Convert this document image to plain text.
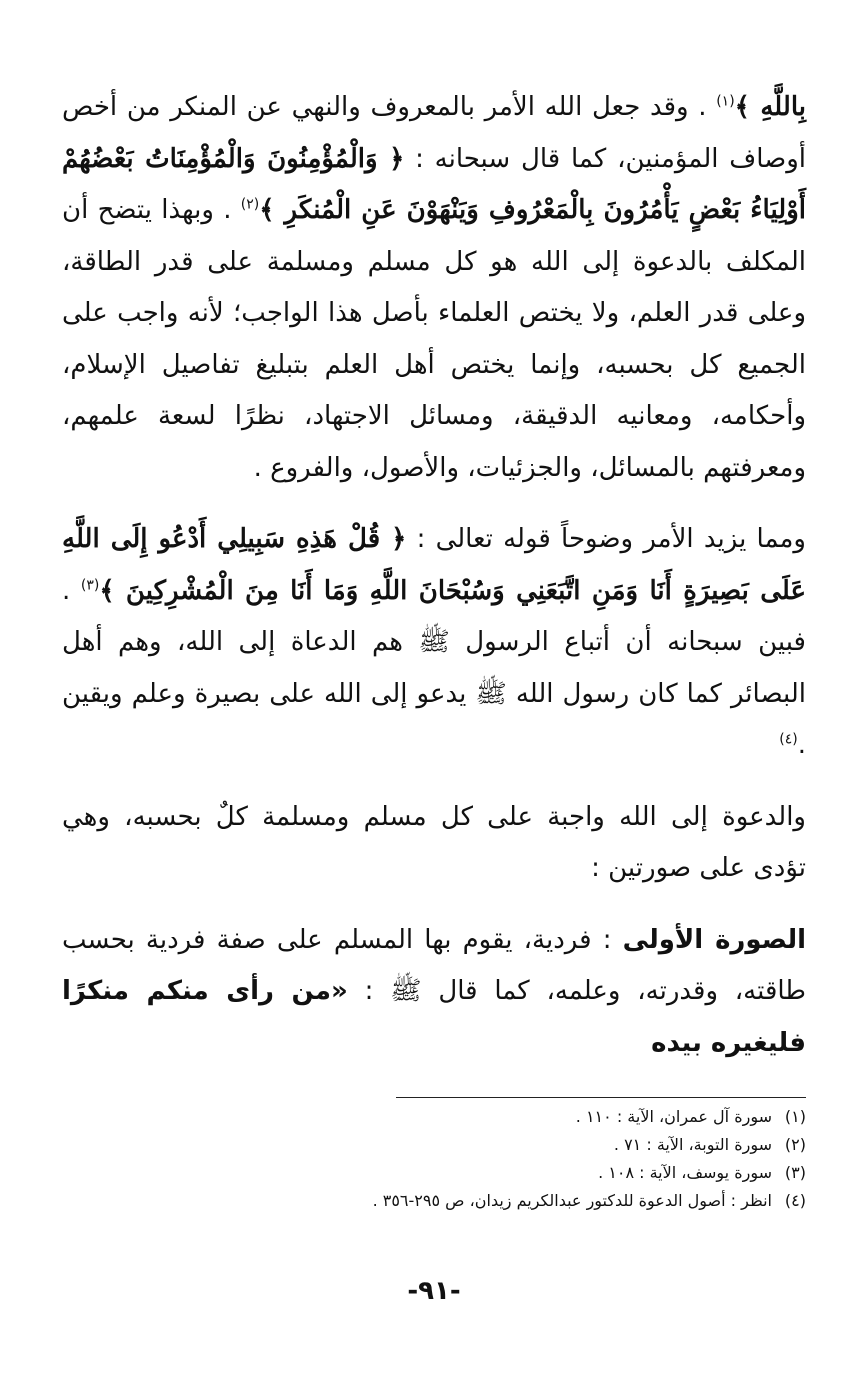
بِاللَّهِ ﴾$^{(١)}$ . وقد جعل الله الأمر بالمعروف والنهي عن المنكر من أخص أوصاف المؤمنين، كما قال سبحانه : ﴿ وَالْمُؤْمِنُونَ وَالْمُؤْمِنَاتُ بَعْضُهُمْ أَوْلِيَاءُ بَعْضٍ يَأْمُرُونَ بِالْمَعْرُوفِ وَيَنْهَوْنَ عَنِ الْمُنكَرِ ﴾$^{(٢)}$ . وبهذا يتضح أن المكلف بالدعوة إلى الله هو كل مسلم ومسلمة على قدر الطاقة، وعلى قدر العلم، ولا يختص العلماء بأصل هذا الواجب؛ لأنه واجب على الجميع كل بحسبه، وإنما يختص أهل العلم بتبليغ تفاصيل الإسلام، وأحكامه، ومعانيه الدقيقة، ومسائل الاجتهاد، نظرًا لسعة علمهم، ومعرفتهم بالمسائل، والجزئيات، والأصول، والفروع .

ومما يزيد الأمر وضوحاً قوله تعالى : ﴿ قُلْ هَذِهِ سَبِيلِي أَدْعُو إِلَى اللَّهِ عَلَى بَصِيرَةٍ أَنَا وَمَنِ اتَّبَعَنِي وَسُبْحَانَ اللَّهِ وَمَا أَنَا مِنَ الْمُشْرِكِينَ ﴾$^{(٣)}$ . فبين سبحانه أن أتباع الرسول ﷺ هم الدعاة إلى الله، وهم أهل البصائر كما كان رسول الله ﷺ يدعو إلى الله على بصيرة وعلم ويقين .$^{(٤)}$

والدعوة إلى الله واجبة على كل مسلم ومسلمة كلٌ بحسبه، وهي تؤدى على صورتين :

الصورة الأولى : فردية، يقوم بها المسلم على صفة فردية بحسب طاقته، وقدرته، وعلمه، كما قال ﷺ : «من رأى منكم منكرًا فليغيره بيده

(١)سورة آل عمران، الآية : ١١٠ .

(٢)سورة التوبة، الآية : ٧١ .

(٣)سورة يوسف، الآية : ١٠٨ .

(٤)انظر : أصول الدعوة للدكتور عبدالكريم زيدان، ص ٢٩٥-٣٥٦ .

-٩١-
